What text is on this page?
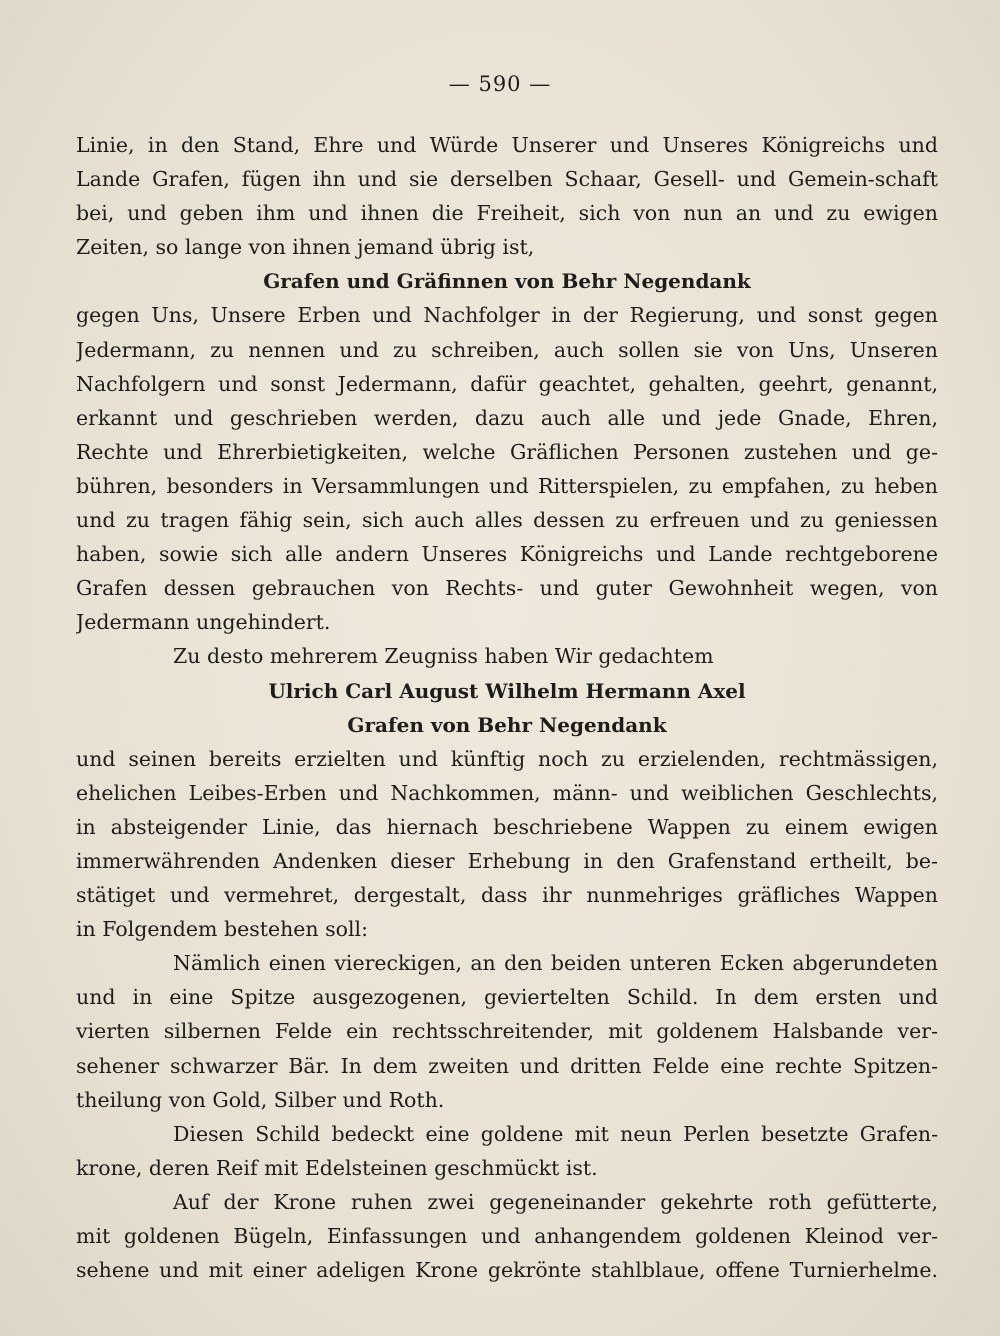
— 590 —
Linie, in den Stand, Ehre und Würde Unserer und Unseres Königreichs und
Lande Grafen, fügen ihn und sie derselben Schaar, Gesell- und Gemein-schaft
bei, und geben ihm und ihnen die Freiheit, sich von nun an und zu ewigen
Zeiten, so lange von ihnen jemand übrig ist,
Grafen und Gräfinnen von Behr Negendank
gegen Uns, Unsere Erben und Nachfolger in der Regierung, und sonst gegen
Jedermann, zu nennen und zu schreiben, auch sollen sie von Uns, Unseren
Nachfolgern und sonst Jedermann, dafür geachtet, gehalten, geehrt, genannt,
erkannt und geschrieben werden, dazu auch alle und jede Gnade, Ehren,
Rechte und Ehrerbietigkeiten, welche Gräflichen Personen zustehen und ge-
bühren, besonders in Versammlungen und Ritterspielen, zu empfahen, zu heben
und zu tragen fähig sein, sich auch alles dessen zu erfreuen und zu geniessen
haben, sowie sich alle andern Unseres Königreichs und Lande rechtgeborene
Grafen dessen gebrauchen von Rechts- und guter Gewohnheit wegen, von
Jedermann ungehindert.
Zu desto mehrerem Zeugniss haben Wir gedachtem
Ulrich Carl August Wilhelm Hermann Axel
Grafen von Behr Negendank
und seinen bereits erzielten und künftig noch zu erzielenden, rechtmässigen,
ehelichen Leibes-Erben und Nachkommen, männ- und weiblichen Geschlechts,
in absteigender Linie, das hiernach beschriebene Wappen zu einem ewigen
immerwährenden Andenken dieser Erhebung in den Grafenstand ertheilt, be-
stätiget und vermehret, dergestalt, dass ihr nunmehriges gräfliches Wappen
in Folgendem bestehen soll:
Nämlich einen viereckigen, an den beiden unteren Ecken abgerundeten
und in eine Spitze ausgezogenen, geviertelten Schild. In dem ersten und
vierten silbernen Felde ein rechtsschreitender, mit goldenem Halsbande ver-
sehener schwarzer Bär. In dem zweiten und dritten Felde eine rechte Spitzen-
theilung von Gold, Silber und Roth.
Diesen Schild bedeckt eine goldene mit neun Perlen besetzte Grafen-
krone, deren Reif mit Edelsteinen geschmückt ist.
Auf der Krone ruhen zwei gegeneinander gekehrte roth gefütterte,
mit goldenen Bügeln, Einfassungen und anhangendem goldenen Kleinod ver-
sehene und mit einer adeligen Krone gekrönte stahlblaue, offene Turnierhelme.
